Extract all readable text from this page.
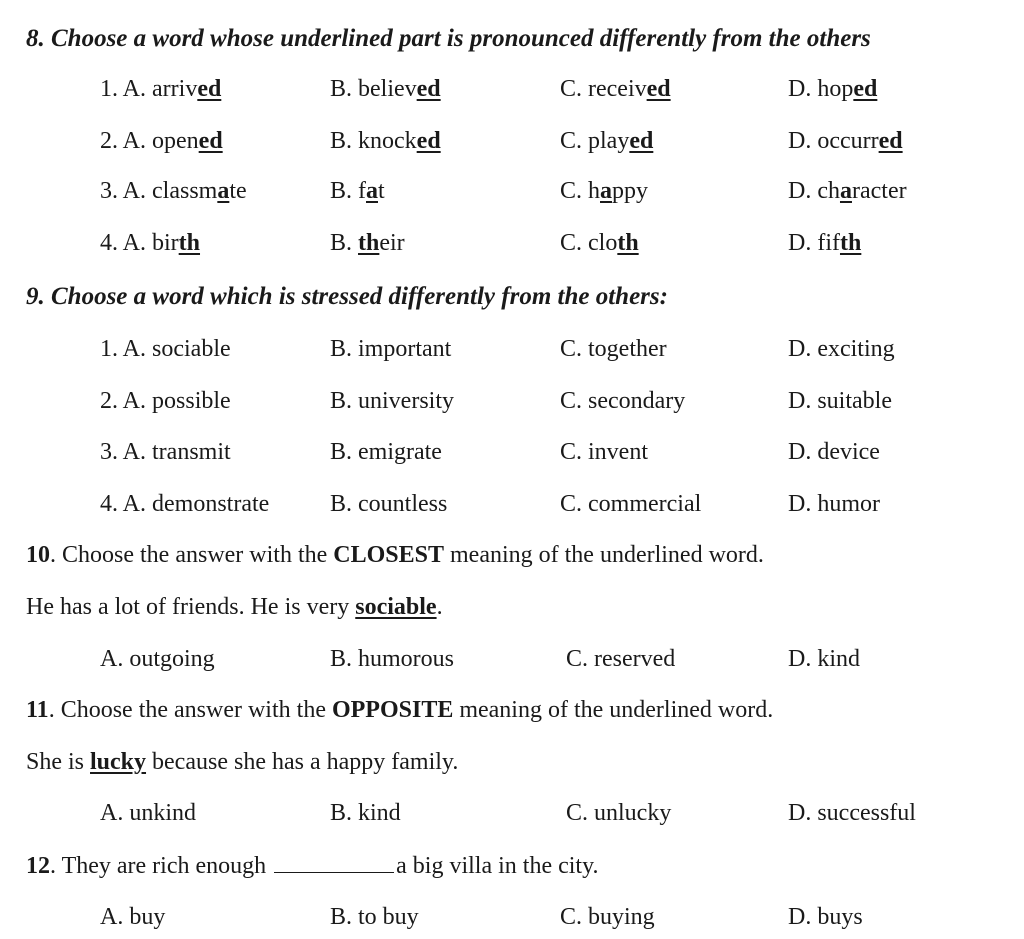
8. Choose a word whose underlined part is pronounced differently from the others
1. A. arrived	B. believed	C. received	D. hoped
2. A. opened	B. knocked	C. played	D. occurred
3. A. classmate	B. fat	C. happy	D. character
4. A. birth	B. their	C. cloth	D. fifth
9. Choose a word which is stressed differently from the others:
1. A. sociable	B. important	C. together	D. exciting
2. A. possible	B. university	C. secondary	D. suitable
3. A. transmit	B. emigrate	C. invent	D. device
4. A. demonstrate	B. countless	C. commercial	D. humor
10. Choose the answer with the CLOSEST meaning of the underlined word.
He has a lot of friends. He is very sociable.
A. outgoing	B. humorous	C. reserved	D. kind
11. Choose the answer with the OPPOSITE meaning of the underlined word.
She is lucky because she has a happy family.
A. unkind	B. kind	C. unlucky	D. successful
12. They are rich enough	a big villa in the city.
A. buy	B. to buy	C. buying	D. buys
